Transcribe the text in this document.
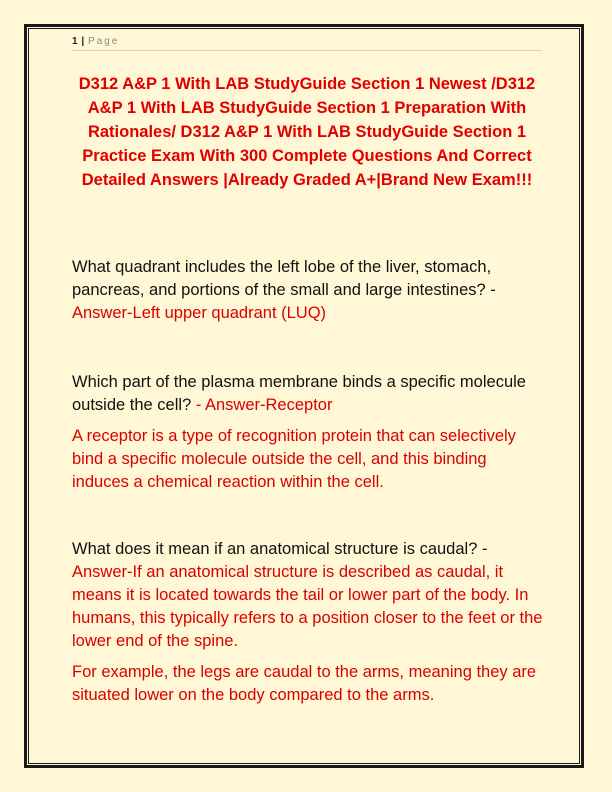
1 | Page
D312 A&P 1 With LAB StudyGuide Section 1 Newest /D312 A&P 1 With LAB StudyGuide Section 1 Preparation With Rationales/ D312 A&P 1 With LAB StudyGuide Section 1 Practice Exam With 300 Complete Questions And Correct Detailed Answers |Already Graded A+|Brand New Exam!!!

What quadrant includes the left lobe of the liver, stomach, pancreas, and portions of the small and large intestines? - Answer-Left upper quadrant (LUQ)

Which part of the plasma membrane binds a specific molecule outside the cell? - Answer-Receptor

A receptor is a type of recognition protein that can selectively bind a specific molecule outside the cell, and this binding induces a chemical reaction within the cell.

What does it mean if an anatomical structure is caudal? - Answer-If an anatomical structure is described as caudal, it means it is located towards the tail or lower part of the body. In humans, this typically refers to a position closer to the feet or the lower end of the spine.

For example, the legs are caudal to the arms, meaning they are situated lower on the body compared to the arms.
